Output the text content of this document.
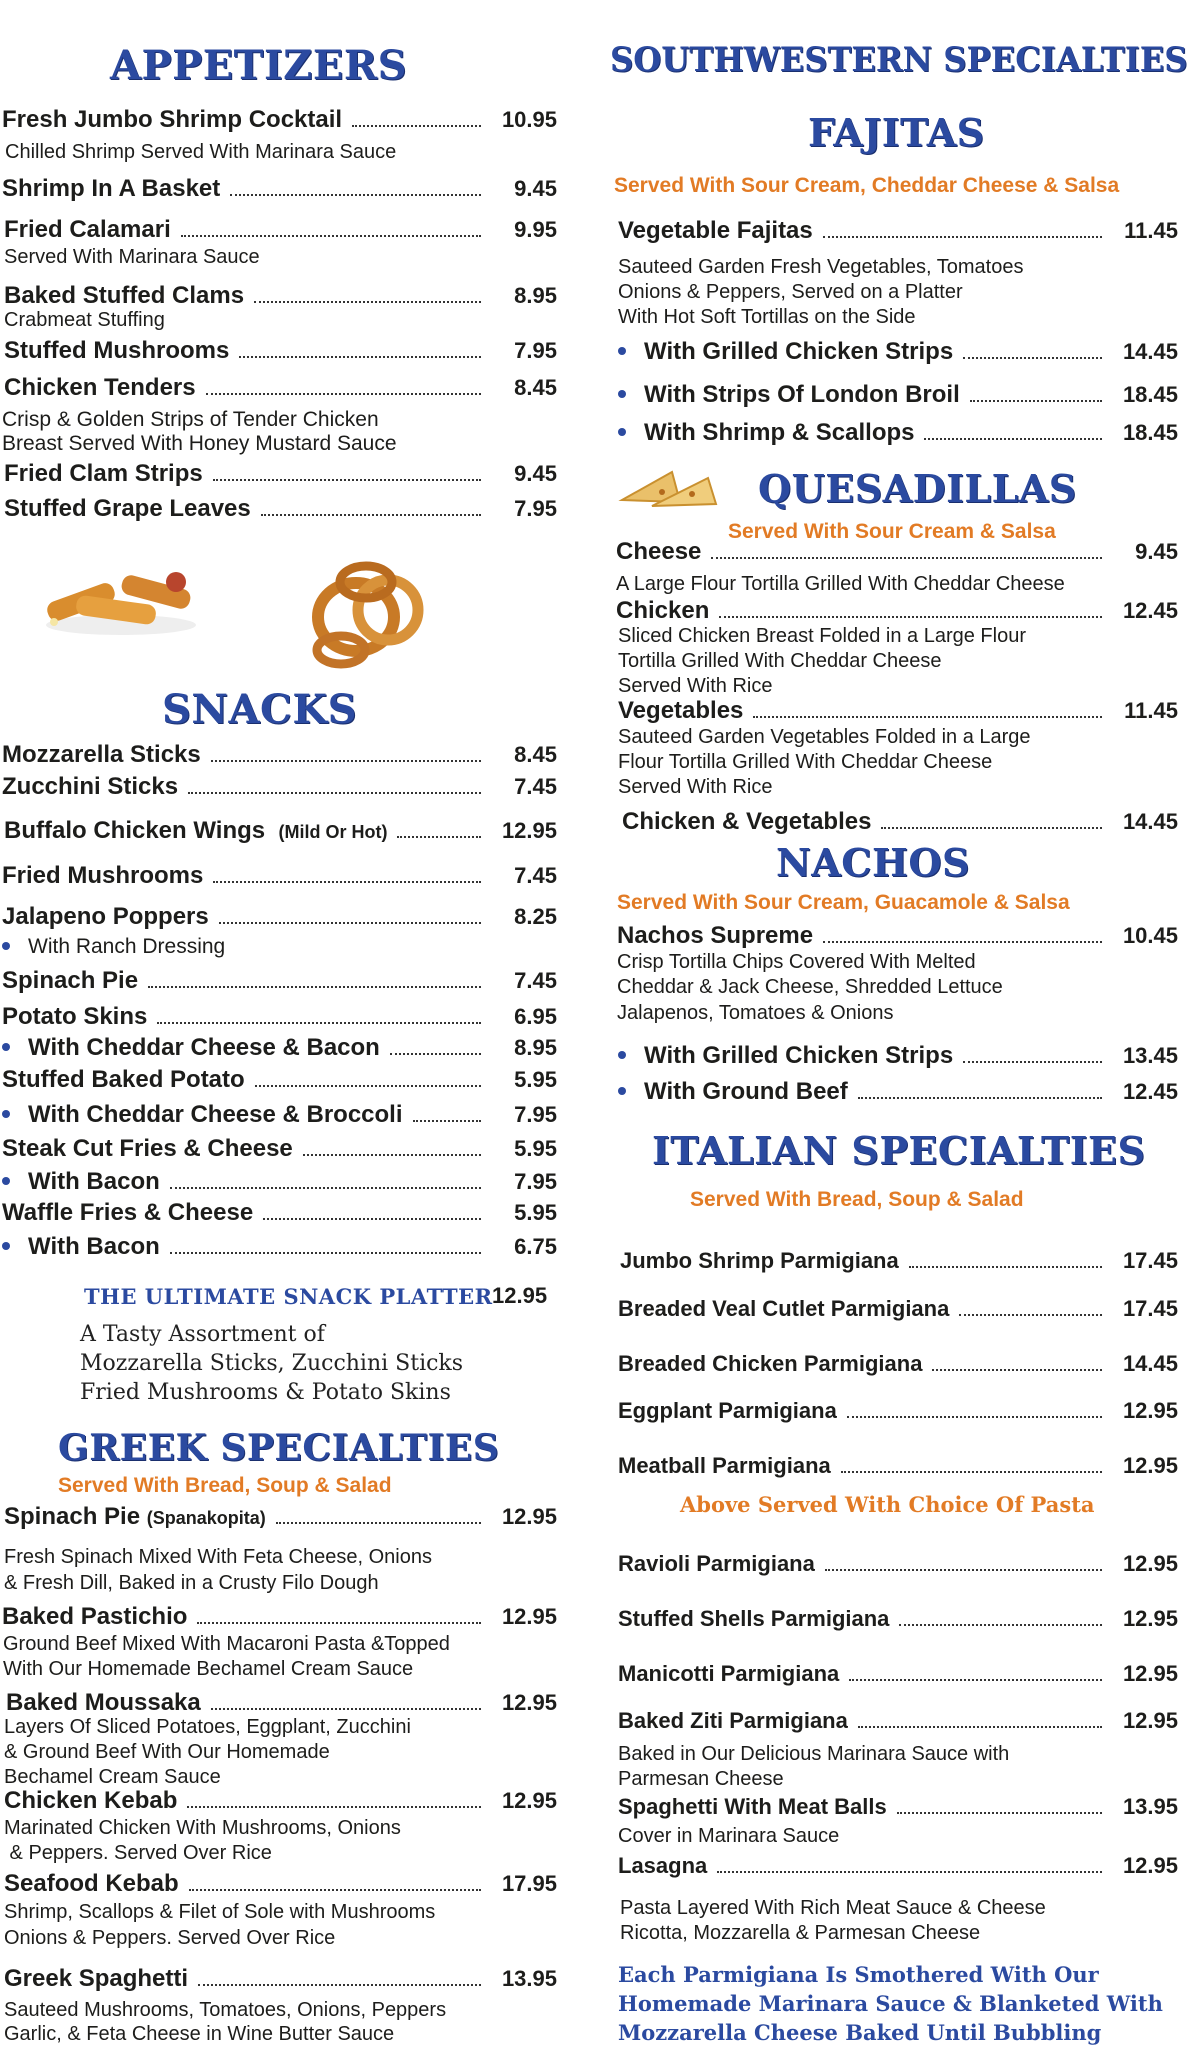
APPETIZERS
Fresh Jumbo Shrimp Cocktail	10.95

Chilled Shrimp Served With Marinara Sauce

Shrimp In A Basket	9.45
Fried Calamari	9.95

Served With Marinara Sauce

Baked Stuffed Clams	8.95

Crabmeat Stuffing

Stuffed Mushrooms	7.95
Chicken Tenders	8.45

Crisp & Golden Strips of Tender Chicken

Breast Served With Honey Mustard Sauce

Fried Clam Strips	9.45
Stuffed Grape Leaves	7.95
SNACKS
Mozzarella Sticks	8.45
Zucchini Sticks	7.45
Buffalo Chicken Wings (Mild Or Hot)	12.95
Fried Mushrooms	7.45
Jalapeno Poppers	8.25

With Ranch Dressing

Spinach Pie	7.45
Potato Skins	6.95
With Cheddar Cheese & Bacon	8.95
Stuffed Baked Potato	5.95
With Cheddar Cheese & Broccoli	7.95
Steak Cut Fries & Cheese	5.95
With Bacon	7.95
Waffle Fries & Cheese	5.95
With Bacon	6.75
THE ULTIMATE SNACK PLATTER 12.95

A Tasty Assortment of

Mozzarella Sticks, Zucchini Sticks

Fried Mushrooms & Potato Skins

GREEK SPECIALTIES

Served With Bread, Soup & Salad

Spinach Pie (Spanakopita)	12.95

Fresh Spinach Mixed With Feta Cheese, Onions

& Fresh Dill, Baked in a Crusty Filo Dough

Baked Pastichio	12.95

Ground Beef Mixed With Macaroni Pasta &Topped

With Our Homemade Bechamel Cream Sauce

Baked Moussaka	12.95

Layers Of Sliced Potatoes, Eggplant, Zucchini

& Ground Beef With Our Homemade

Bechamel Cream Sauce

Chicken Kebab	12.95

Marinated Chicken With Mushrooms, Onions

& Peppers. Served Over Rice

Seafood Kebab	17.95

Shrimp, Scallops & Filet of Sole with Mushrooms

Onions & Peppers. Served Over Rice

Greek Spaghetti	13.95

Sauteed Mushrooms, Tomatoes, Onions, Peppers

Garlic, & Feta Cheese in Wine Butter Sauce

SOUTHWESTERN SPECIALTIES
FAJITAS

Served With Sour Cream, Cheddar Cheese & Salsa

Vegetable Fajitas	11.45

Sauteed Garden Fresh Vegetables, Tomatoes

Onions & Peppers, Served on a Platter

With Hot Soft Tortillas on the Side

With Grilled Chicken Strips	14.45
With Strips Of London Broil	18.45
With Shrimp & Scallops	18.45
QUESADILLAS

Served With Sour Cream & Salsa

Cheese	9.45

A Large Flour Tortilla Grilled With Cheddar Cheese

Chicken	12.45

Sliced Chicken Breast Folded in a Large Flour

Tortilla Grilled With Cheddar Cheese

Served With Rice

Vegetables	11.45

Sauteed Garden Vegetables Folded in a Large

Flour Tortilla Grilled With Cheddar Cheese

Served With Rice

Chicken & Vegetables	14.45
NACHOS

Served With Sour Cream, Guacamole & Salsa

Nachos Supreme	10.45

Crisp Tortilla Chips Covered With Melted

Cheddar & Jack Cheese, Shredded Lettuce

Jalapenos, Tomatoes & Onions

With Grilled Chicken Strips	13.45
With Ground Beef	12.45
ITALIAN SPECIALTIES

Served With Bread, Soup & Salad

Jumbo Shrimp Parmigiana	17.45
Breaded Veal Cutlet Parmigiana	17.45
Breaded Chicken Parmigiana	14.45
Eggplant Parmigiana	12.95
Meatball Parmigiana	12.95

Above Served With Choice Of Pasta

Ravioli Parmigiana	12.95
Stuffed Shells Parmigiana	12.95
Manicotti Parmigiana	12.95
Baked Ziti Parmigiana	12.95

Baked in Our Delicious Marinara Sauce with

Parmesan Cheese

Spaghetti With Meat Balls	13.95

Cover in Marinara Sauce

Lasagna	12.95

Pasta Layered With Rich Meat Sauce & Cheese

Ricotta, Mozzarella & Parmesan Cheese

Each Parmigiana Is Smothered With Our

Homemade Marinara Sauce & Blanketed With

Mozzarella Cheese Baked Until Bubbling
